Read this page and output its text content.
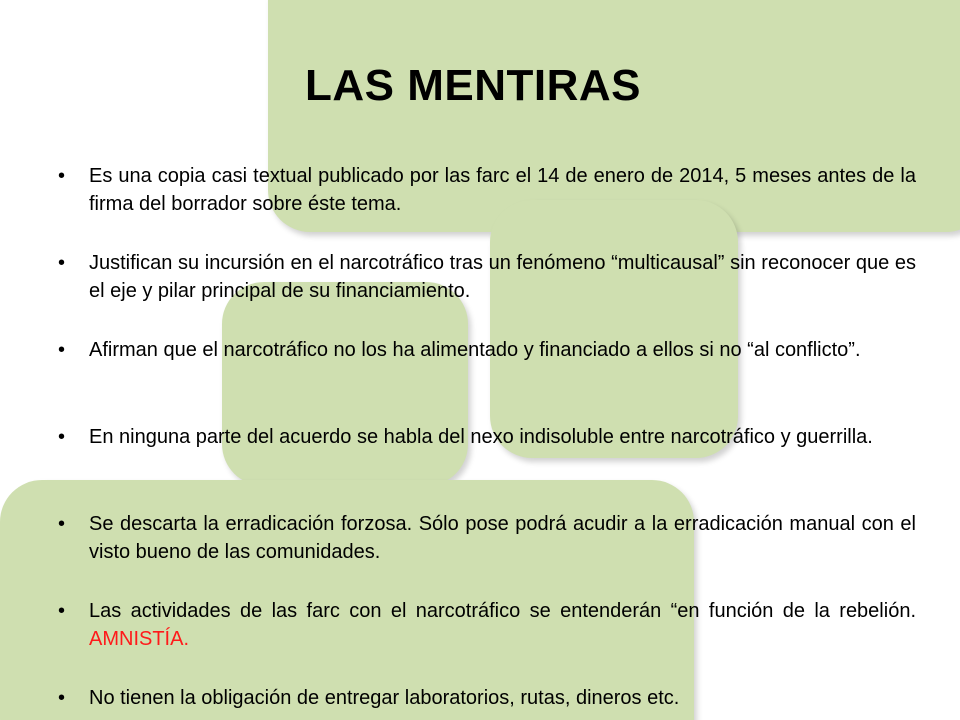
LAS MENTIRAS
•	Es una copia casi textual publicado por las farc el 14 de enero de 2014, 5 meses antes de la firma del borrador sobre éste tema.
•	Justifican su incursión en el narcotráfico tras un fenómeno “multicausal” sin reconocer que es el eje y pilar principal de su financiamiento.
•	Afirman que el narcotráfico no los ha alimentado y financiado a ellos si no “al conflicto”.
•	En ninguna parte del acuerdo se habla del nexo indisoluble entre narcotráfico y guerrilla.
•	Se descarta la erradicación forzosa. Sólo pose podrá acudir a la erradicación manual con el visto bueno de las comunidades.
•	Las actividades de las farc con el narcotráfico se entenderán “en función de la rebelión. AMNISTÍA.
•	No tienen la obligación de entregar laboratorios, rutas, dineros etc.
